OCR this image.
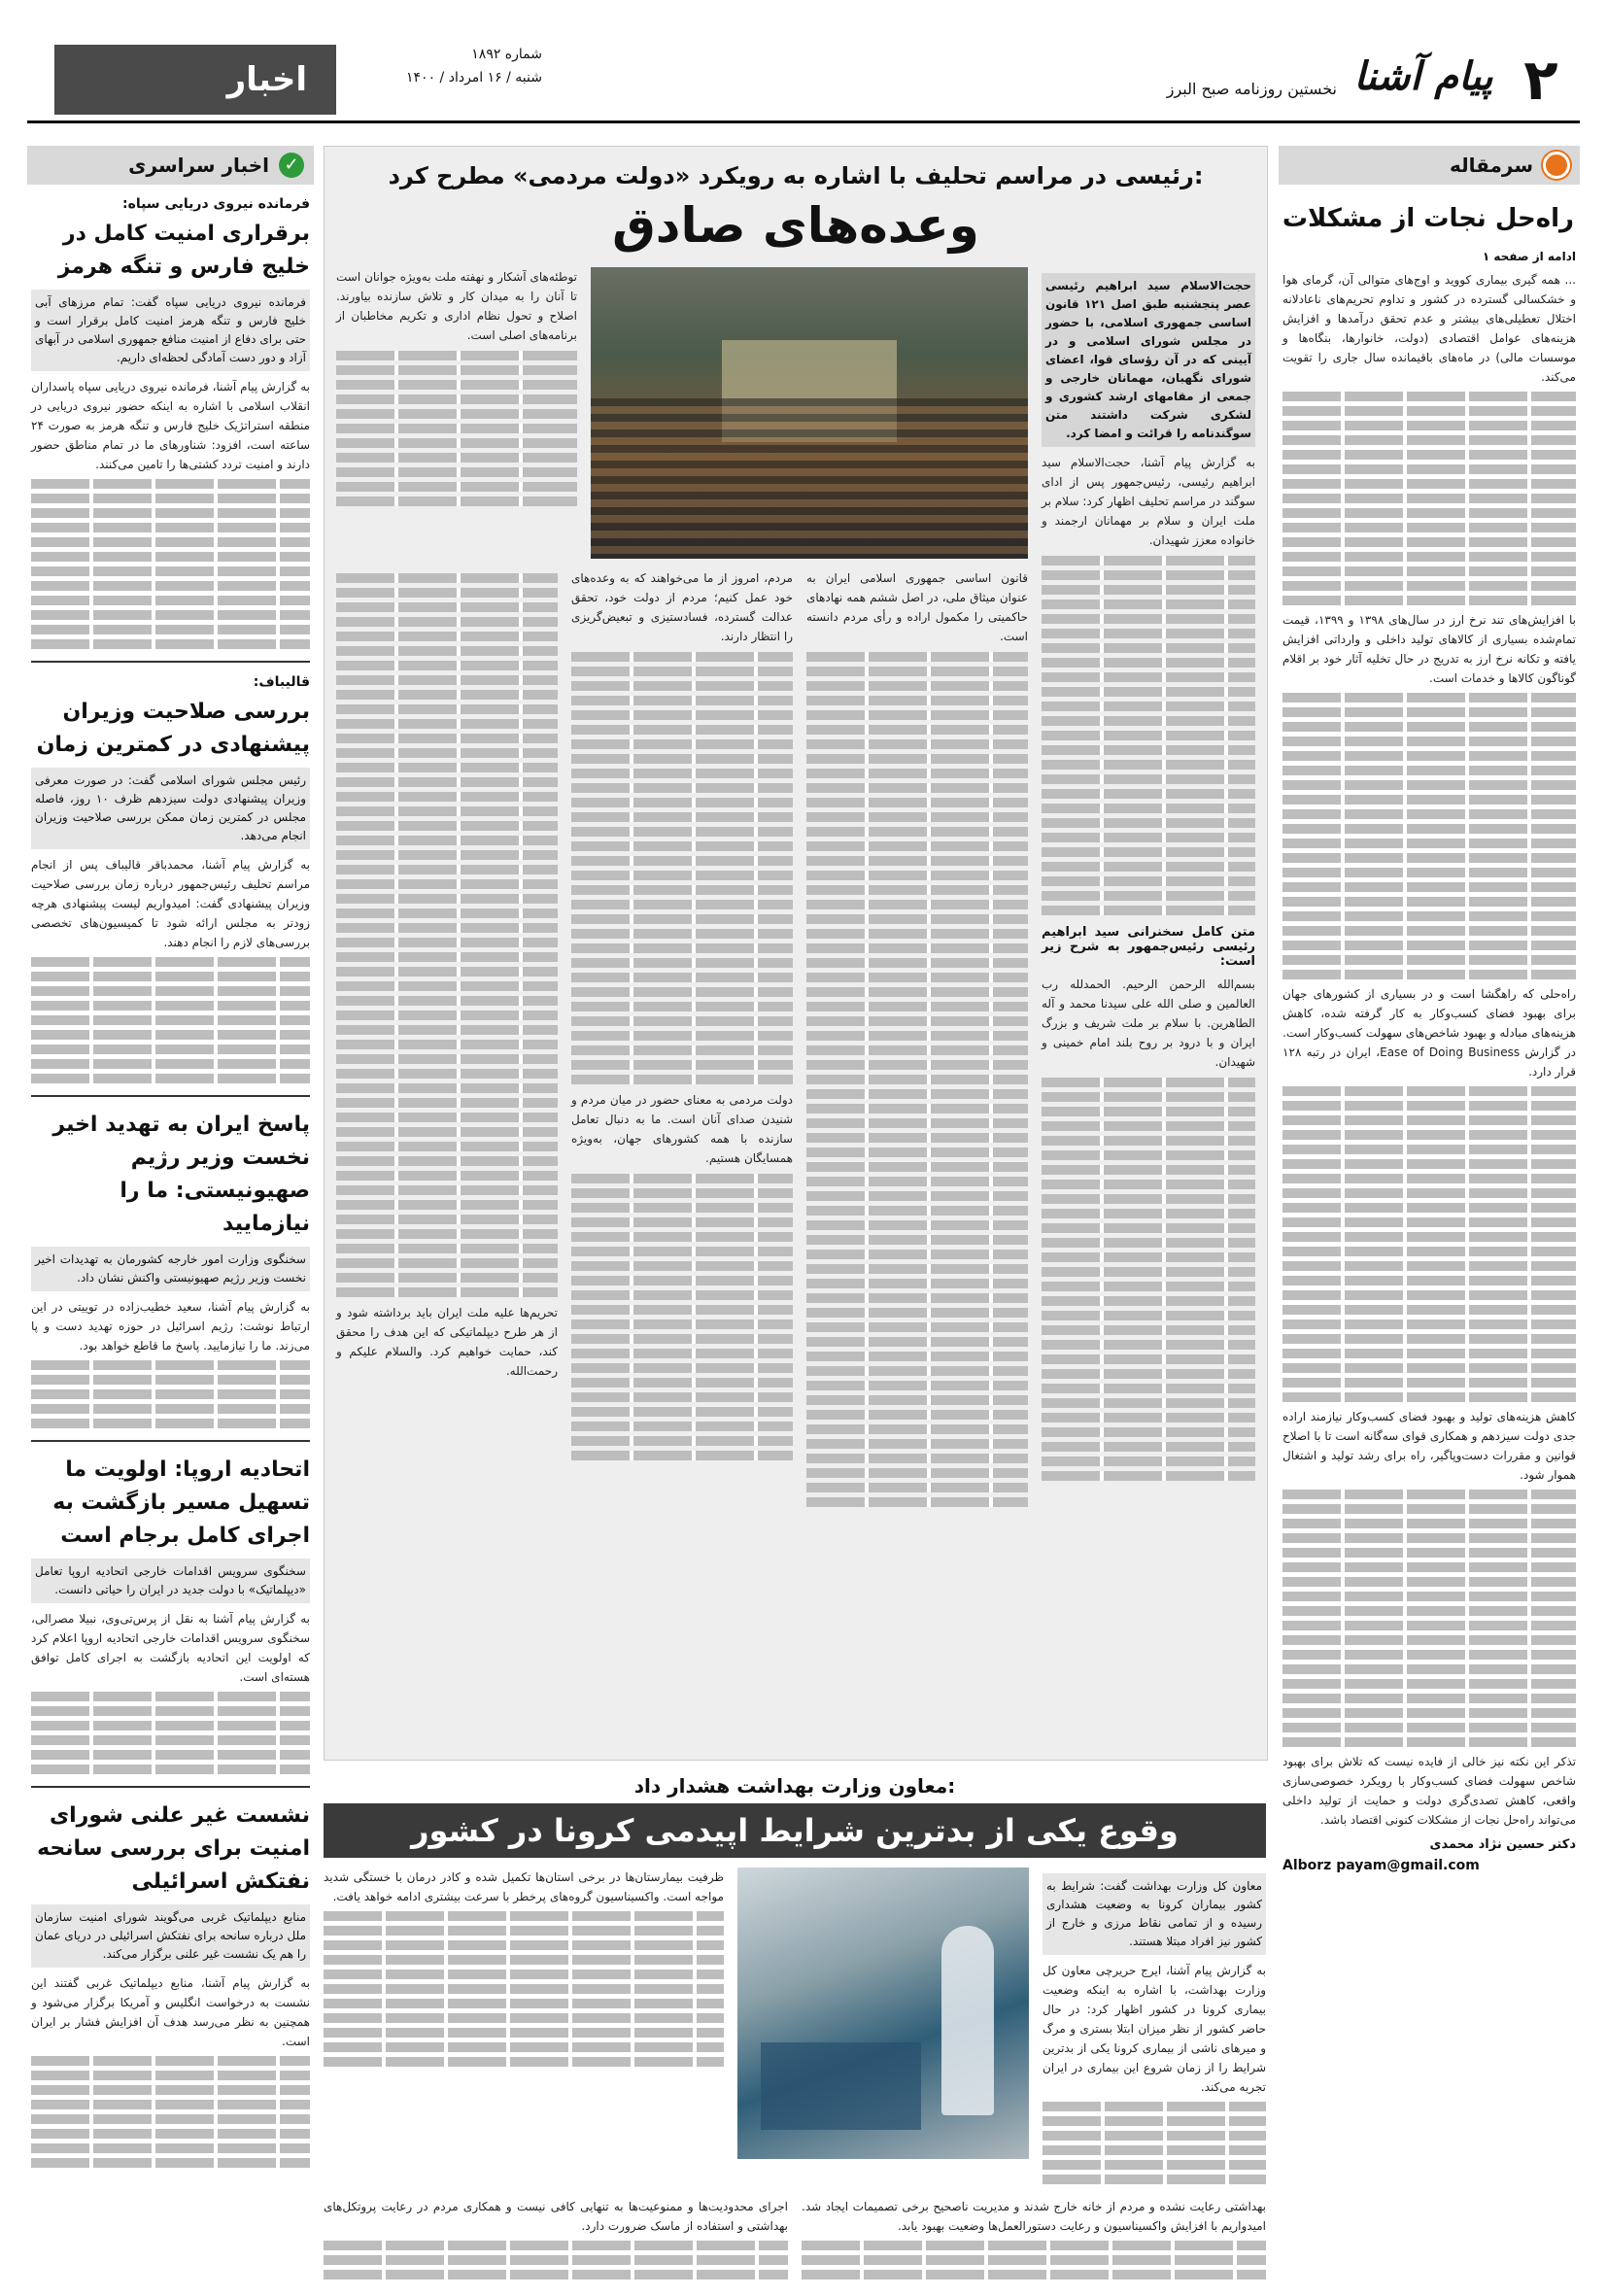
۲
پیام آشنا
نخستین روزنامه صبح البرز
شماره ۱۸۹۲
شنبه / ۱۶ امرداد / ۱۴۰۰
اخبار
سرمقاله
راه‌حل نجات از مشکلات
ادامه از صفحه ۱

... همه گیری بیماری کووید و اوج‌های متوالی آن، گرمای هوا و خشکسالی گسترده در کشور و تداوم تحریم‌های ناعادلانه اختلال تعطیلی‌های بیشتر و عدم تحقق درآمدها و افزایش هزینه‌های عوامل اقتصادی (دولت، خانوارها، بنگاه‌ها و موسسات مالی) در ماه‌های باقیمانده سال جاری را تقویت می‌کند.

با افزایش‌های تند نرخ ارز در سال‌های ۱۳۹۸ و ۱۳۹۹، قیمت تمام‌شده بسیاری از کالاهای تولید داخلی و وارداتی افزایش یافته و تکانه نرخ ارز به تدریج در حال تخلیه آثار خود بر اقلام گوناگون کالاها و خدمات است.

راه‌حلی که راهگشا است و در بسیاری از کشورهای جهان برای بهبود فضای کسب‌وکار به کار گرفته شده، کاهش هزینه‌های مبادله و بهبود شاخص‌های سهولت کسب‌وکار است. در گزارش Ease of Doing Business، ایران در رتبه ۱۲۸ قرار دارد.

کاهش هزینه‌های تولید و بهبود فضای کسب‌وکار نیازمند اراده جدی دولت سیزدهم و همکاری قوای سه‌گانه است تا با اصلاح قوانین و مقررات دست‌وپاگیر، راه برای رشد تولید و اشتغال هموار شود.

تذکر این نکته نیز خالی از فایده نیست که تلاش برای بهبود شاخص سهولت فضای کسب‌وکار با رویکرد خصوصی‌سازی واقعی، کاهش تصدی‌گری دولت و حمایت از تولید داخلی می‌تواند راه‌حل نجات از مشکلات کنونی اقتصاد باشد.

دکتر حسین نژاد محمدی
Alborz payam@gmail.com
اخبار سراسری ✓
فرمانده نیروی دریایی سپاه:
برقراری امنیت کامل در خلیج فارس و تنگه هرمز
فرمانده نیروی دریایی سپاه گفت: تمام مرزهای آبی خلیج فارس و تنگه هرمز امنیت کامل برقرار است و حتی برای دفاع از امنیت منافع جمهوری اسلامی در آبهای آزاد و دور دست آمادگی لحظه‌ای داریم.

به گزارش پیام آشنا، فرمانده نیروی دریایی سپاه پاسداران انقلاب اسلامی با اشاره به اینکه حضور نیروی دریایی در منطقه استراتژیک خلیج فارس و تنگه هرمز به صورت ۲۴ ساعته است، افزود: شناورهای ما در تمام مناطق حضور دارند و امنیت تردد کشتی‌ها را تامین می‌کنند.

قالیباف:
بررسی صلاحیت وزیران پیشنهادی در کمترین زمان
رئیس مجلس شورای اسلامی گفت: در صورت معرفی وزیران پیشنهادی دولت سیزدهم ظرف ۱۰ روز، فاصله مجلس در کمترین زمان ممکن بررسی صلاحیت وزیران انجام می‌دهد.

به گزارش پیام آشنا، محمدباقر قالیباف پس از انجام مراسم تحلیف رئیس‌جمهور درباره زمان بررسی صلاحیت وزیران پیشنهادی گفت: امیدواریم لیست پیشنهادی هرچه زودتر به مجلس ارائه شود تا کمیسیون‌های تخصصی بررسی‌های لازم را انجام دهند.

پاسخ ایران به تهدید اخیر نخست وزیر رژیم صهیونیستی: ما را نیازمایید
سخنگوی وزارت امور خارجه کشورمان به تهدیدات اخیر نخست وزیر رژیم صهیونیستی واکنش نشان داد.

به گزارش پیام آشنا، سعید خطیب‌زاده در توییتی در این ارتباط نوشت: رژیم اسرائیل در حوزه تهدید دست و پا می‌زند. ما را نیازمایید. پاسخ ما قاطع خواهد بود.

اتحادیه اروپا: اولویت ما تسهیل مسیر بازگشت به اجرای کامل برجام است
سخنگوی سرویس اقدامات خارجی اتحادیه اروپا تعامل «دیپلماتیک» با دولت جدید در ایران را حیاتی دانست.

به گزارش پیام آشنا به نقل از پرس‌تی‌وی، نبیلا مصرالی، سخنگوی سرویس اقدامات خارجی اتحادیه اروپا اعلام کرد که اولویت این اتحادیه بازگشت به اجرای کامل توافق هسته‌ای است.

نشست غیر علنی شورای امنیت برای بررسی سانحه نفتکش اسرائیلی
منابع دیپلماتیک غربی می‌گویند شورای امنیت سازمان ملل درباره سانحه برای نفتکش اسرائیلی در دریای عمان را هم یک نشست غیر علنی برگزار می‌کند.

به گزارش پیام آشنا، منابع دیپلماتیک غربی گفتند این نشست به درخواست انگلیس و آمریکا برگزار می‌شود و همچنین به نظر می‌رسد هدف آن افزایش فشار بر ایران است.

رئیسی در مراسم تحلیف با اشاره به رویکرد «دولت مردمی» مطرح کرد:
وعده‌های صادق
حجت‌الاسلام سید ابراهیم رئیسی عصر پنجشنبه طبق اصل ۱۲۱ قانون اساسی جمهوری اسلامی، با حضور در مجلس شورای اسلامی و در آیینی که در آن رؤسای قوا، اعضای شورای نگهبان، مهمانان خارجی و جمعی از مقامهای ارشد کشوری و لشکری شرکت داشتند متن سوگندنامه را قرائت و امضا کرد.

به گزارش پیام آشنا، حجت‌الاسلام سید ابراهیم رئیسی، رئیس‌جمهور پس از ادای سوگند در مراسم تحلیف اظهار کرد: سلام بر ملت ایران و سلام بر مهمانان ارجمند و خانواده معزز شهیدان.

متن کامل سخنرانی سید ابراهیم رئیسی رئیس‌جمهور به شرح زیر است:

بسم‌الله الرحمن الرحیم. الحمدلله رب العالمین و صلی الله علی سیدنا محمد و آله الطاهرین. با سلام بر ملت شریف و بزرگ ایران و با درود بر روح بلند امام خمینی و شهیدان.

توطئه‌های آشکار و نهفته ملت به‌ویژه جوانان است تا آنان را به میدان کار و تلاش سازنده بیاورند. اصلاح و تحول نظام اداری و تکریم مخاطبان از برنامه‌های اصلی است.

قانون اساسی جمهوری اسلامی ایران به عنوان میثاق ملی، در اصل ششم همه نهادهای حاکمیتی را مکمول اراده و رأی مردم دانسته است.

مردم، امروز از ما می‌خواهند که به وعده‌های خود عمل کنیم؛ مردم از دولت خود، تحقق عدالت گسترده، فسادستیزی و تبعیض‌گریزی را انتظار دارند.

دولت مردمی به معنای حضور در میان مردم و شنیدن صدای آنان است. ما به دنبال تعامل سازنده با همه کشورهای جهان، به‌ویژه همسایگان هستیم.

تحریم‌ها علیه ملت ایران باید برداشته شود و از هر طرح دیپلماتیکی که این هدف را محقق کند، حمایت خواهیم کرد. والسلام علیکم و رحمت‌الله.

معاون وزارت بهداشت هشدار داد:
وقوع یکی از بدترین شرایط اپیدمی کرونا در کشور
معاون کل وزارت بهداشت گفت: شرایط به کشور بیماران کرونا به وضعیت هشداری رسیده و از تمامی نقاط مرزی و خارج از کشور نیز افراد مبتلا هستند.

به گزارش پیام آشنا، ایرج حریرچی معاون کل وزارت بهداشت، با اشاره به اینکه وضعیت بیماری کرونا در کشور اظهار کرد: در حال حاضر کشور از نظر میزان ابتلا بستری و مرگ و میرهای ناشی از بیماری کرونا یکی از بدترین شرایط را از زمان شروع این بیماری در ایران تجربه می‌کند.

ظرفیت بیمارستان‌ها در برخی استان‌ها تکمیل شده و کادر درمان با خستگی شدید مواجه است. واکسیناسیون گروه‌های پرخطر با سرعت بیشتری ادامه خواهد یافت.

بهداشتی رعایت نشده و مردم از خانه خارج شدند و مدیریت ناصحیح برخی تصمیمات ایجاد شد. امیدواریم با افزایش واکسیناسیون و رعایت دستورالعمل‌ها وضعیت بهبود یابد.

اجرای محدودیت‌ها و ممنوعیت‌ها به تنهایی کافی نیست و همکاری مردم در رعایت پروتکل‌های بهداشتی و استفاده از ماسک ضرورت دارد.
